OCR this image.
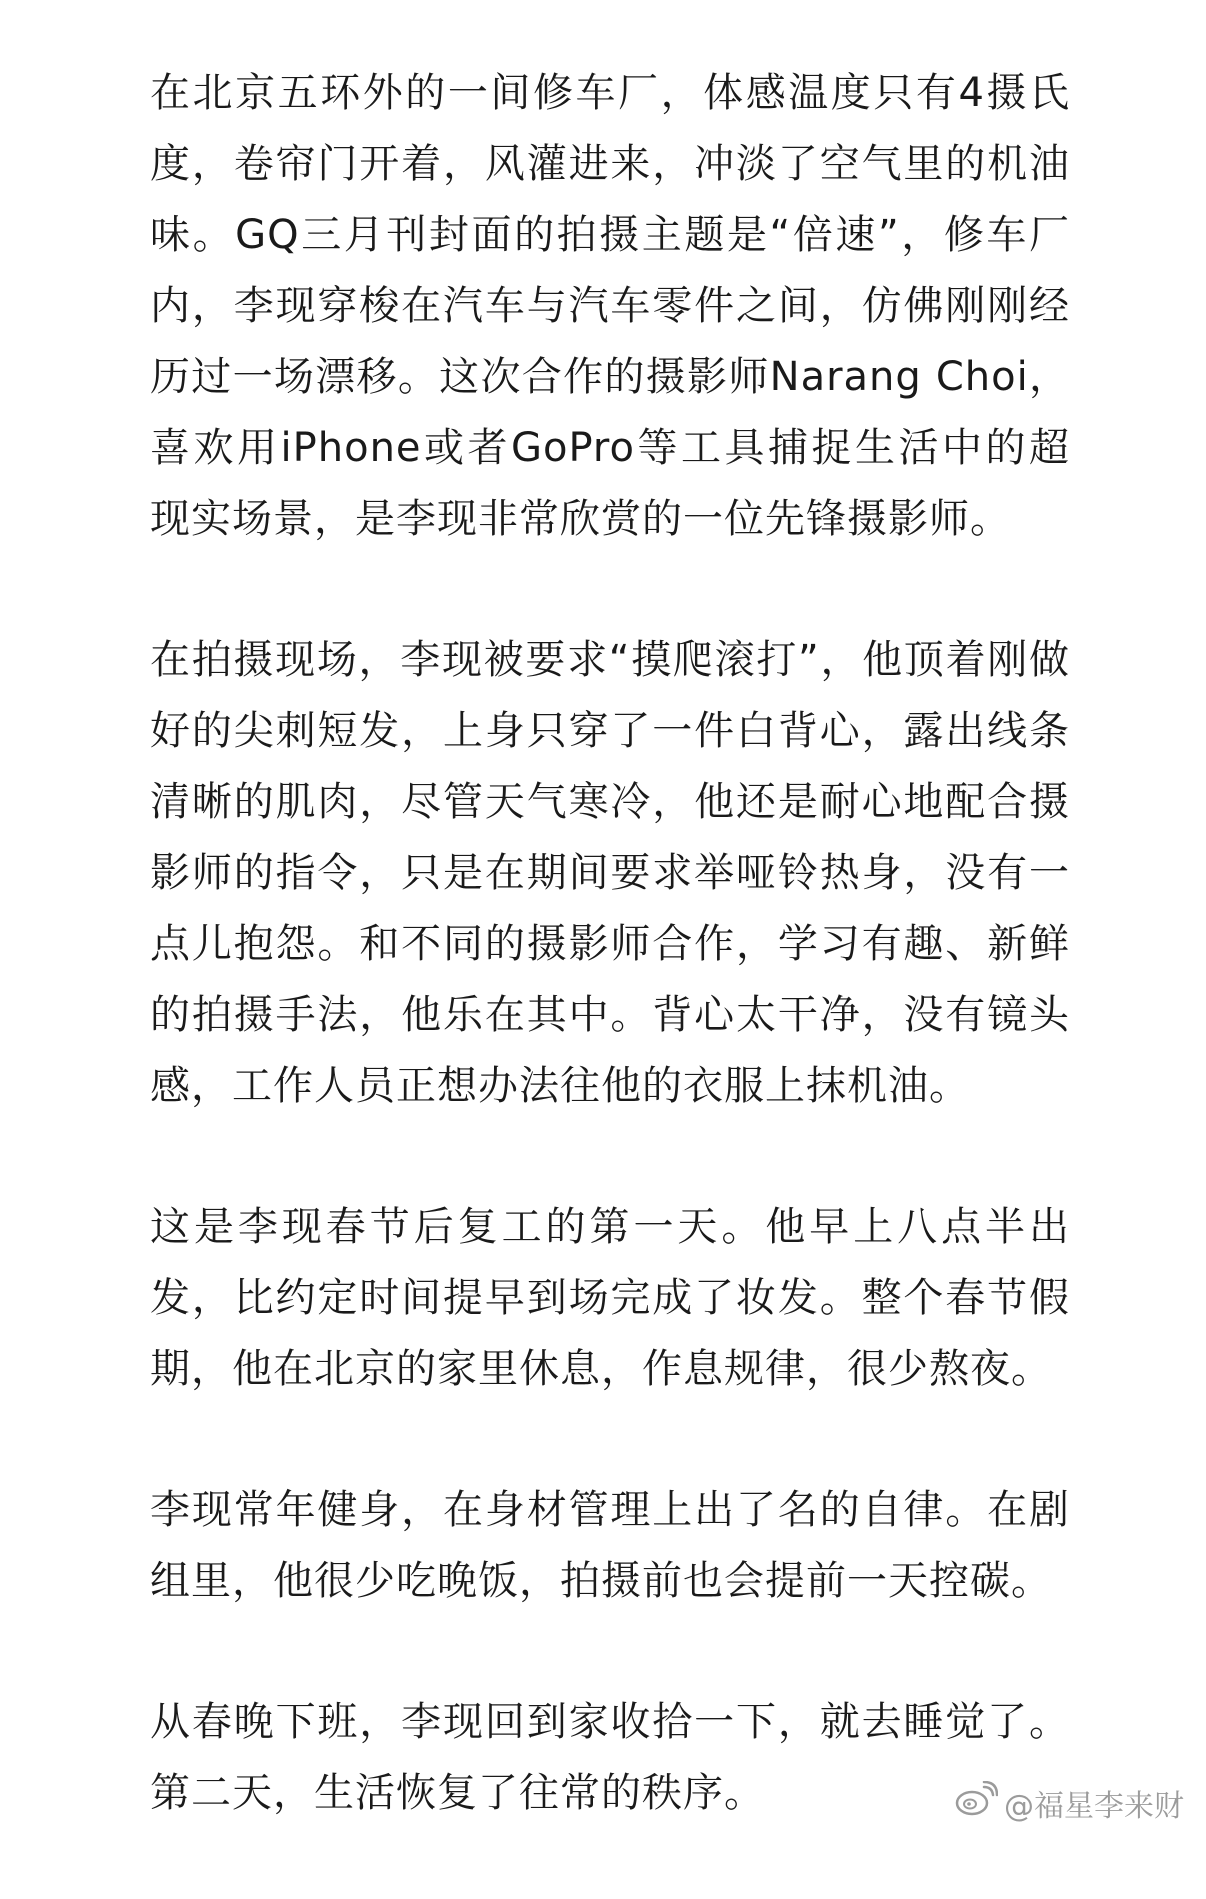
在北京五环外的一间修车厂，体感温度只有4摄氏度，卷帘门开着，风灌进来，冲淡了空气里的机油味。GQ三月刊封面的拍摄主题是“倍速”，修车厂内，李现穿梭在汽车与汽车零件之间，仿佛刚刚经历过一场漂移。这次合作的摄影师Narang Choi，喜欢用iPhone或者GoPro等工具捕捉生活中的超现实场景，是李现非常欣赏的一位先锋摄影师。

在拍摄现场，李现被要求“摸爬滚打”，他顶着刚做好的尖刺短发，上身只穿了一件白背心，露出线条清晰的肌肉，尽管天气寒冷，他还是耐心地配合摄影师的指令，只是在期间要求举哑铃热身，没有一点儿抱怨。和不同的摄影师合作，学习有趣、新鲜的拍摄手法，他乐在其中。背心太干净，没有镜头感，工作人员正想办法往他的衣服上抹机油。

这是李现春节后复工的第一天。他早上八点半出发，比约定时间提早到场完成了妆发。整个春节假期，他在北京的家里休息，作息规律，很少熬夜。

李现常年健身，在身材管理上出了名的自律。在剧组里，他很少吃晚饭，拍摄前也会提前一天控碳。

从春晚下班，李现回到家收拾一下，就去睡觉了。第二天，生活恢复了往常的秩序。	@福星李来财
